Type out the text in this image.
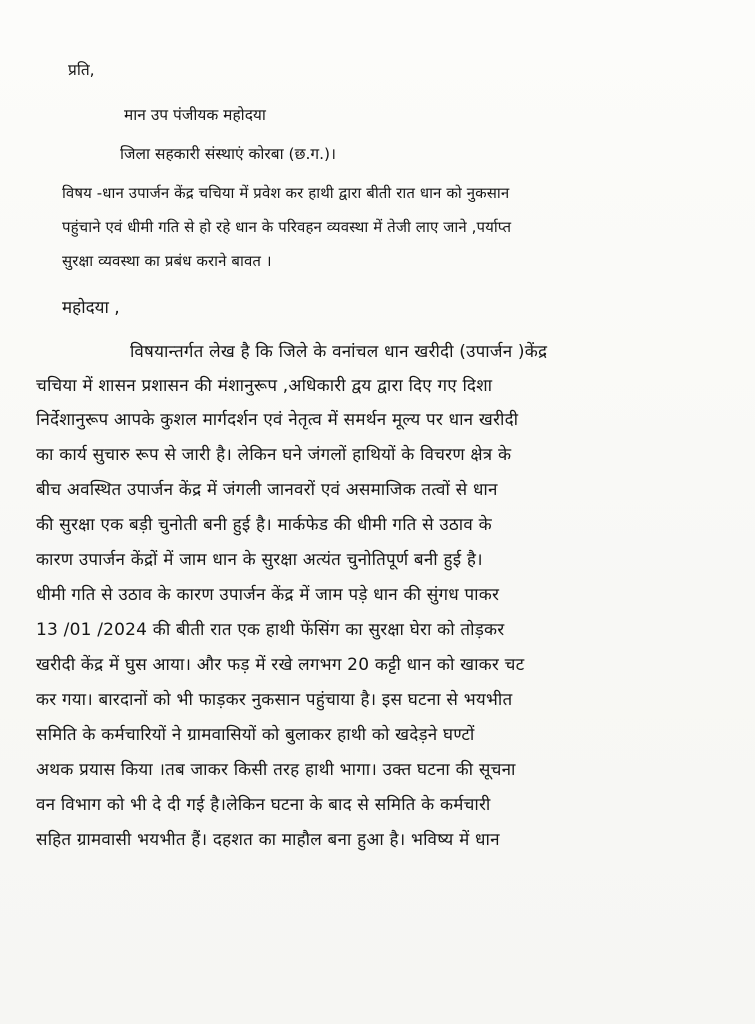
प्रति,
मान उप पंजीयक महोदया
जिला सहकारी संस्थाएं कोरबा (छ.ग.)।
विषय -धान उपार्जन केंद्र चचिया में प्रवेश कर हाथी द्वारा बीती रात धान को नुकसान
पहुंचाने एवं धीमी गति से हो रहे धान के परिवहन व्यवस्था में तेजी लाए जाने ,पर्याप्त
सुरक्षा व्यवस्था का प्रबंध कराने बावत ।
महोदया ,
विषयान्तर्गत लेख है कि जिले के वनांचल धान खरीदी (उपार्जन )केंद्र
चचिया में शासन प्रशासन की मंशानुरूप ,अधिकारी द्वय द्वारा दिए गए दिशा
निर्देशानुरूप आपके कुशल मार्गदर्शन एवं नेतृत्व में समर्थन मूल्य पर धान खरीदी
का कार्य सुचारु रूप से जारी है। लेकिन घने जंगलों हाथियों के विचरण क्षेत्र के
बीच अवस्थित उपार्जन केंद्र में जंगली जानवरों एवं असमाजिक तत्वों से धान
की सुरक्षा एक बड़ी चुनोती बनी हुई है। मार्कफेड की धीमी गति से उठाव के
कारण उपार्जन केंद्रों में जाम धान के सुरक्षा अत्यंत चुनोतिपूर्ण बनी हुई है।
धीमी गति से उठाव के कारण उपार्जन केंद्र में जाम पड़े धान की सुंगध पाकर
13 /01 /2024 की बीती रात एक हाथी फेंसिंग का सुरक्षा घेरा को तोड़कर
खरीदी केंद्र में घुस आया। और फड़ में रखे लगभग 20 कट्टी धान को खाकर चट
कर गया। बारदानों को भी फाड़कर नुकसान पहुंचाया है। इस घटना से भयभीत
समिति के कर्मचारियों ने ग्रामवासियों को बुलाकर हाथी को खदेड़ने घण्टों
अथक प्रयास किया ।तब जाकर किसी तरह हाथी भागा। उक्त घटना की सूचना
वन विभाग को भी दे दी गई है।लेकिन घटना के बाद से समिति के कर्मचारी
सहित ग्रामवासी भयभीत हैं। दहशत का माहौल बना हुआ है। भविष्य में धान
